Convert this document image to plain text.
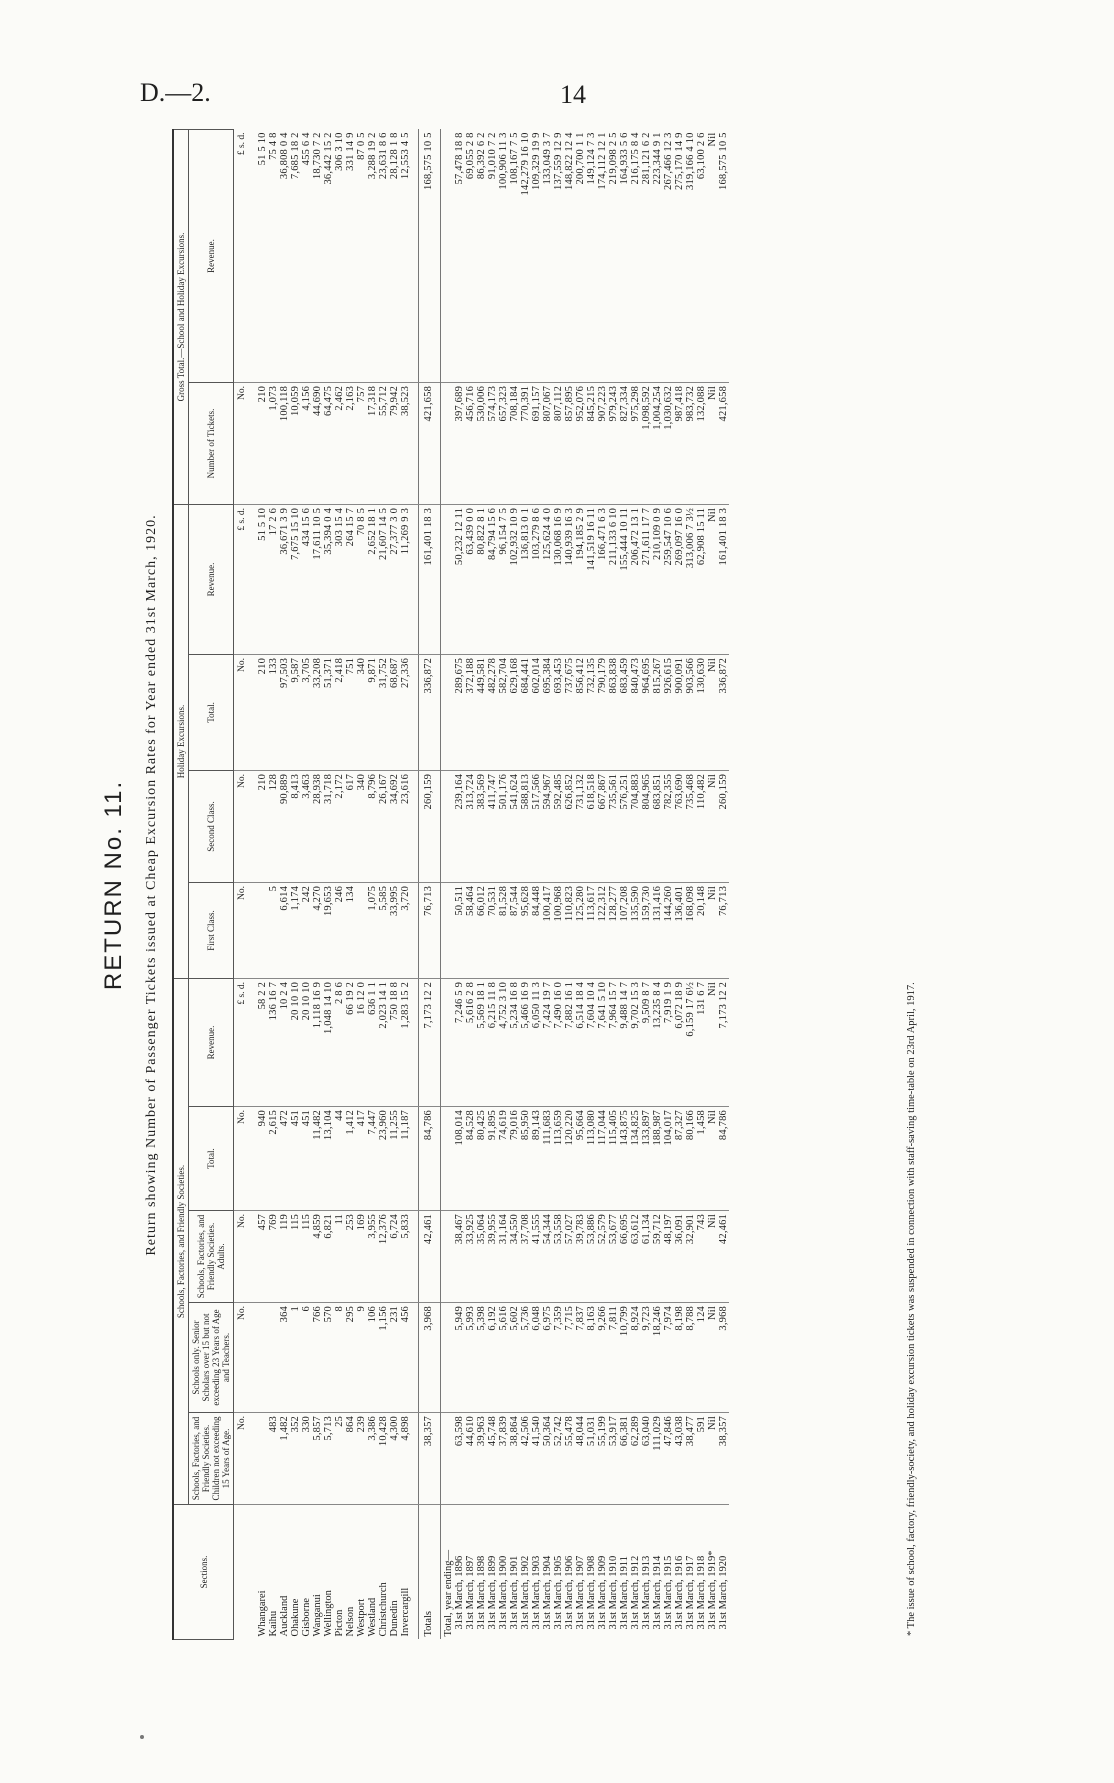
D.—2.	14
RETURN No. 11. Return showing Number of Passenger Tickets issued at Cheap Excursion Rates for Year ended 31st March, 1920.
Sections.	Schools, Factories, and Friendly Societies.					Holiday Excursions.				Gross Total.—School and Holiday Excursions.	
	Schools, Factories, and Friendly Societies. Children not exceeding 15 Years of Age.	Schools only. Senior Scholars over 15 but not exceeding 23 Years of Age and Teachers.	Schools, Factories, and Friendly Societies. Adults.	Total.	Revenue.	First Class.	Second Class.	Total.	Revenue.	Number of Tickets.	Revenue.
	No.	No.	No.	No.	£ s. d.	No.	No.	No.	£ s. d.	No.	£ s. d.

Whangarei			457	940	58 2 2		210	210	51 5 10	210	51 5 10
Kaihu	483		769	2,615	136 16 7	5	128	133	17 2 6	1,073	75 4 8
Auckland	1,482	364	119	472	10 2 4	6,614	90,889	97,503	36,671 3 9	100,118	36,808 0 4
Ohakune	352	1	115	451	20 10 10	1,174	8,413	9,587	7,675 15 10	10,059	7,685 18 2
Gisborne	330	6	115	451	20 10 10	242	3,463	3,705	434 15 6	4,156	455 6 4
Wanganui	5,857	766	4,859	11,482	1,118 16 9	4,270	28,938	33,208	17,611 10 5	44,690	18,730 7 2
Wellington	5,713	570	6,821	13,104	1,048 14 10	19,653	31,718	51,371	35,394 0 4	64,475	36,442 15 2
Picton	25	8	11	44	2 8 6	246	2,172	2,418	303 15 4	2,462	306 3 10
Nelson	864	295	253	1,412	66 19 2	134	617	751	264 15 7	2,163	331 14 9
Westport	239	9	169	417	16 12 0		340	340	70 8 5	757	87 0 5
Westland	3,386	106	3,955	7,447	636 1 1	1,075	8,796	9,871	2,652 18 1	17,318	3,288 19 2
Christchurch	10,428	1,156	12,376	23,960	2,023 14 1	5,585	26,167	31,752	21,607 14 5	55,712	23,631 8 6
Dunedin	4,300	231	6,724	11,255	750 18 8	33,995	34,692	68,687	27,377 3 0	79,942	28,128 1 8
Invercargill	4,898	456	5,833	11,187	1,283 15 2	3,720	23,616	27,336	11,269 9 3	38,523	12,553 4 5

Totals	38,357	3,968	42,461	84,786	7,173 12 2	76,713	260,159	336,872	161,401 18 3	421,658	168,575 10 5
Total, year ending—											
31st March, 1896	63,598	5,949	38,467	108,014	7,246 5 9	50,511	239,164	289,675	50,232 12 11	397,689	57,478 18 8
31st March, 1897	44,610	5,993	33,925	84,528	5,616 2 8	58,464	313,724	372,188	63,439 0 0	456,716	69,055 2 8
31st March, 1898	39,963	5,398	35,064	80,425	5,569 18 1	66,012	383,569	449,581	80,822 8 1	530,006	86,392 6 2
31st March, 1899	45,748	6,192	39,955	91,895	6,215 11 8	70,531	411,747	482,278	84,794 15 6	574,173	91,010 7 2
31st March, 1900	37,839	5,616	31,164	74,619	4,752 3 10	81,528	501,176	582,704	96,154 7 5	657,323	100,906 11 3
31st March, 1901	38,864	5,602	34,550	79,016	5,234 16 8	87,544	541,624	629,168	102,932 10 9	708,184	108,167 7 5
31st March, 1902	42,506	5,736	37,708	85,950	5,466 16 9	95,628	588,813	684,441	136,813 0 1	770,391	142,279 16 10
31st March, 1903	41,540	6,048	41,555	89,143	6,050 11 3	84,448	517,566	602,014	103,279 8 6	691,157	109,329 19 9
31st March, 1904	50,364	6,975	54,344	111,683	7,424 19 7	100,417	594,967	695,384	125,624 4 0	807,067	133,049 3 7
31st March, 1905	52,742	7,359	53,558	113,659	7,490 16 0	100,968	592,485	693,453	130,068 16 9	807,112	137,559 12 9
31st March, 1906	55,478	7,715	57,027	120,220	7,882 16 1	110,823	626,852	737,675	140,939 16 3	857,895	148,822 12 4
31st March, 1907	48,044	7,837	39,783	95,664	6,514 18 4	125,280	731,132	856,412	194,185 2 9	952,076	200,700 1 1
31st March, 1908	51,031	8,163	53,886	113,080	7,604 10 4	113,617	618,518	732,135	141,519 16 11	845,215	149,124 7 3
31st March, 1909	55,199	9,266	52,579	117,044	7,641 5 10	122,312	667,867	790,179	166,471 6 3	907,223	174,112 12 1
31st March, 1910	53,917	7,811	53,677	115,405	7,964 15 7	128,277	735,561	863,838	211,133 6 10	979,243	219,098 2 5
31st March, 1911	66,381	10,799	66,695	143,875	9,488 14 7	107,208	576,251	683,459	155,444 10 11	827,334	164,933 5 6
31st March, 1912	62,289	8,924	63,612	134,825	9,702 15 3	135,590	704,883	840,473	206,472 13 1	975,298	216,175 8 4
31st March, 1913	63,040	9,723	61,134	133,897	9,509 8 7	159,730	804,965	964,695	271,611 17 7	1,098,592	281,121 6 2
31st March, 1914	111,029	18,246	59,712	188,987	13,235 8 4	131,416	683,851	815,267	210,109 0 9	1,004,254	223,344 9 1
31st March, 1915	47,846	7,974	48,197	104,017	7,919 1 9	144,260	782,355	926,615	259,547 10 6	1,030,632	267,466 12 3
31st March, 1916	43,038	8,198	36,091	87,327	6,072 18 9	136,401	763,690	900,091	269,097 16 0	987,418	275,170 14 9
31st March, 1917	38,477	8,788	32,901	80,166	6,159 17 6½	168,098	735,468	903,566	313,006 7 3½	983,732	319,166 4 10
31st March, 1918	591	124	743	1,458	131 6 7	20,148	110,482	130,630	62,908 15 11	132,088	63,100 2 6
31st March, 1919*	Nil	Nil	Nil	Nil	Nil	Nil	Nil	Nil	Nil	Nil	Nil
31st March, 1920	38,357	3,968	42,461	84,786	7,173 12 2	76,713	260,159	336,872	161,401 18 3	421,658	168,575 10 5
* The issue of school, factory, friendly-society, and holiday excursion tickets was suspended in connection with staff-saving time-table on 23rd April, 1917.
